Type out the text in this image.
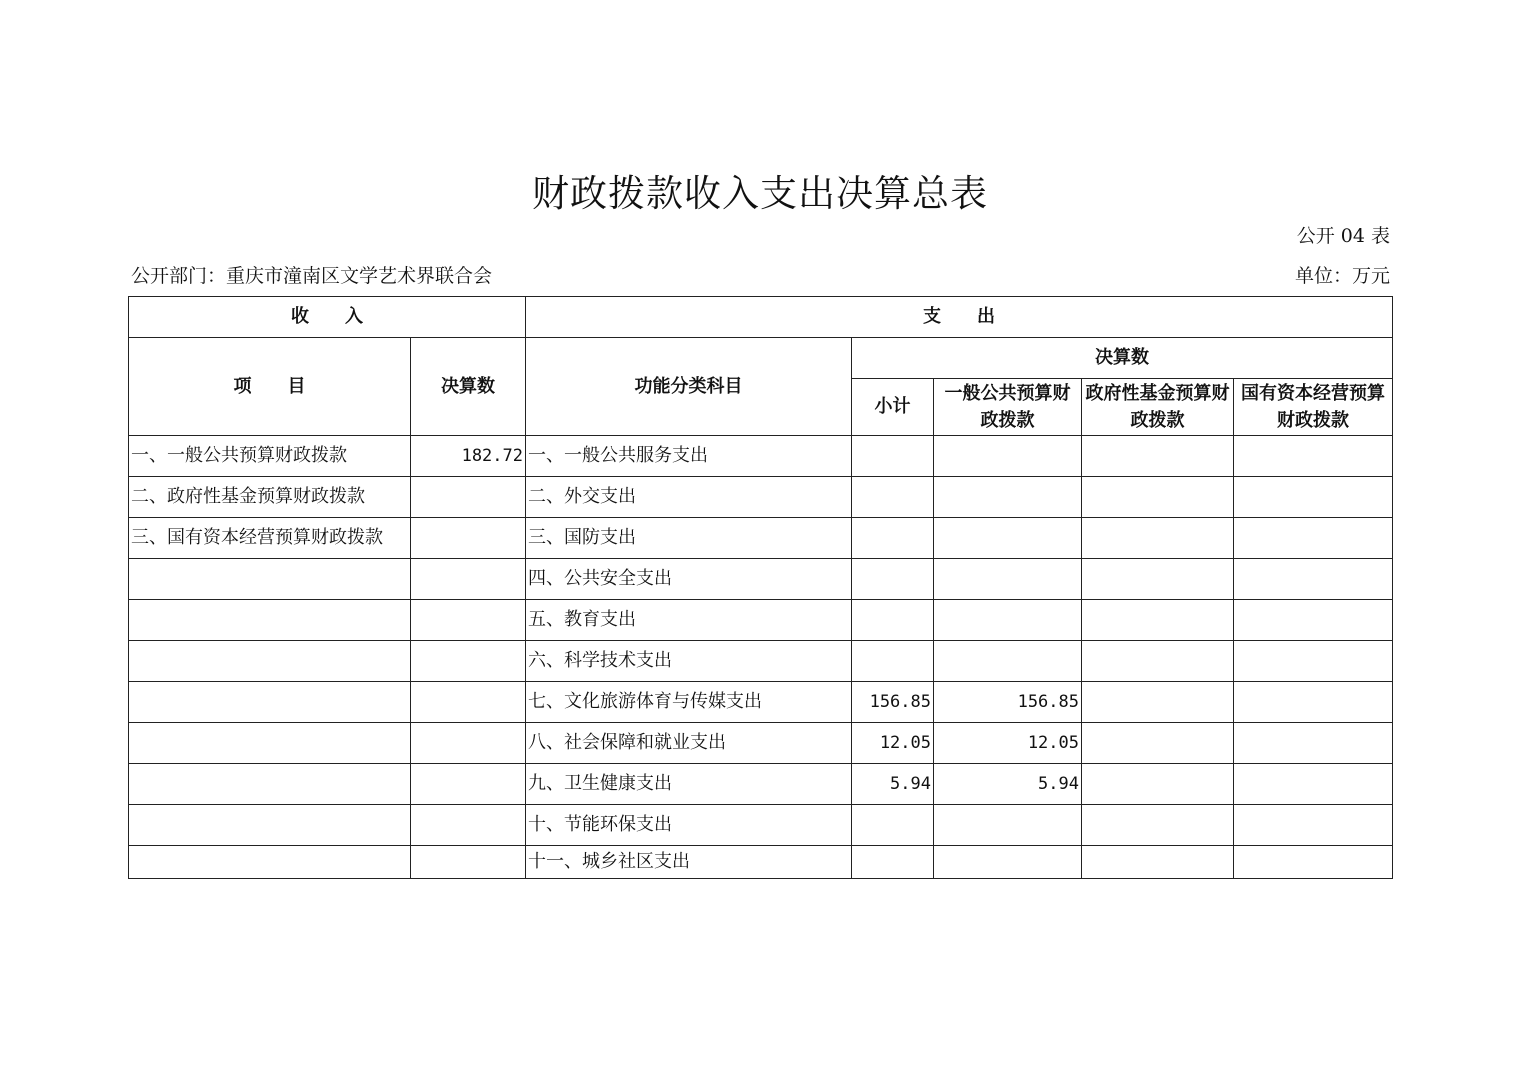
财政拨款收入支出决算总表
公开 04 表
公开部门：重庆市潼南区文学艺术界联合会	单位：万元
收　　入		支　　出				
项　　目	决算数	功能分类科目	决算数			
			小计	一般公共预算财政拨款	政府性基金预算财政拨款	国有资本经营预算财政拨款
一、一般公共预算财政拨款	182.72	一、一般公共服务支出				
二、政府性基金预算财政拨款		二、外交支出				
三、国有资本经营预算财政拨款		三、国防支出				
		四、公共安全支出				
		五、教育支出				
		六、科学技术支出				
		七、文化旅游体育与传媒支出	156.85	156.85		
		八、社会保障和就业支出	12.05	12.05		
		九、卫生健康支出	5.94	5.94		
		十、节能环保支出				
		十一、城乡社区支出				
